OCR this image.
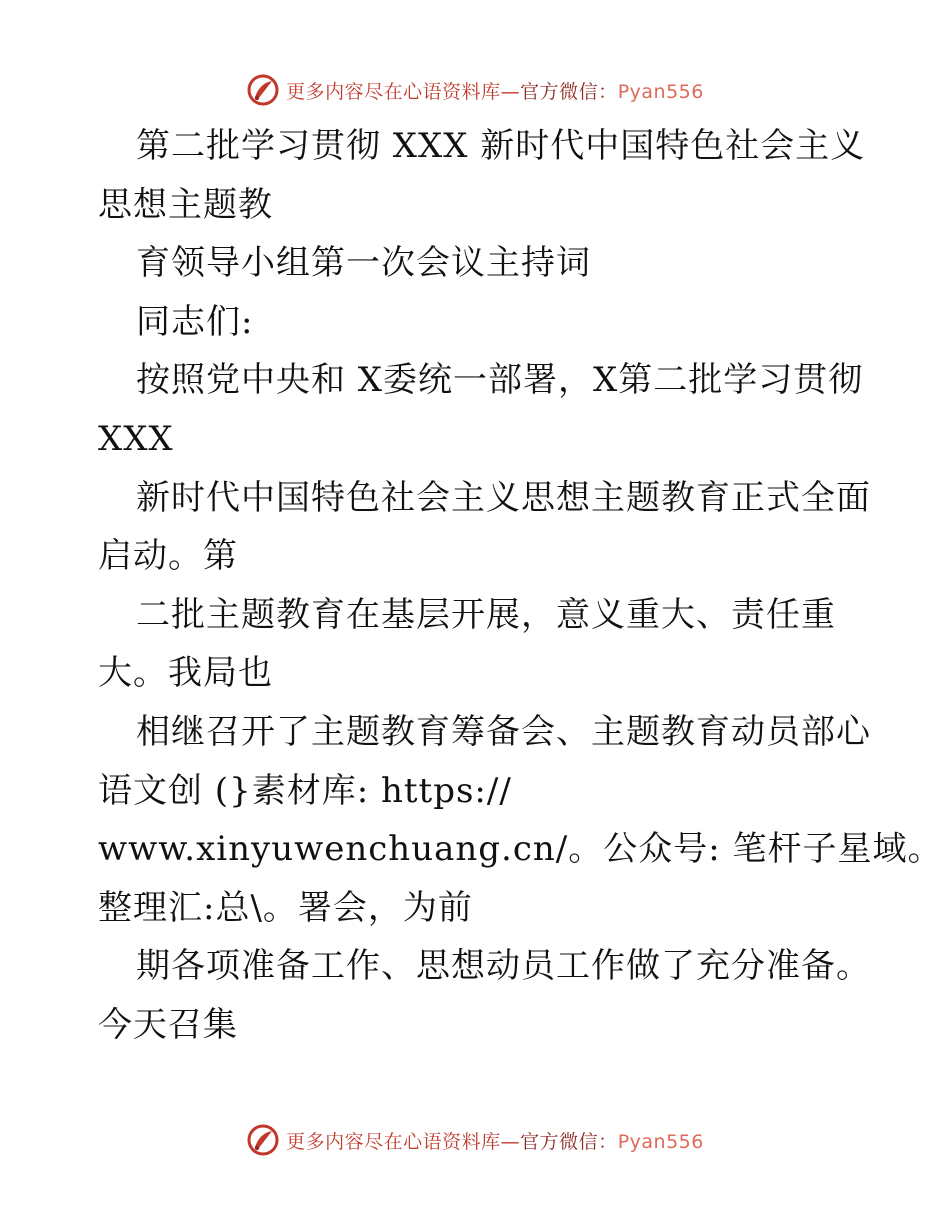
更多内容尽在心语资料库—官方微信：Pyan556
第二批学习贯彻 XXX 新时代中国特色社会主义
思想主题教
育领导小组第一次会议主持词
同志们:
按照党中央和 X委统一部署，X第二批学习贯彻
XXX
新时代中国特色社会主义思想主题教育正式全面
启动。第
二批主题教育在基层开展，意义重大、责任重
大。我局也
相继召开了主题教育筹备会、主题教育动员部心
语文创 (}素材库: https://
www.xinyuwenchuang.cn/。公众号: 笔杆子星域。
整理汇:总\。署会，为前
期各项准备工作、思想动员工作做了充分准备。
今天召集
更多内容尽在心语资料库—官方微信：Pyan556
